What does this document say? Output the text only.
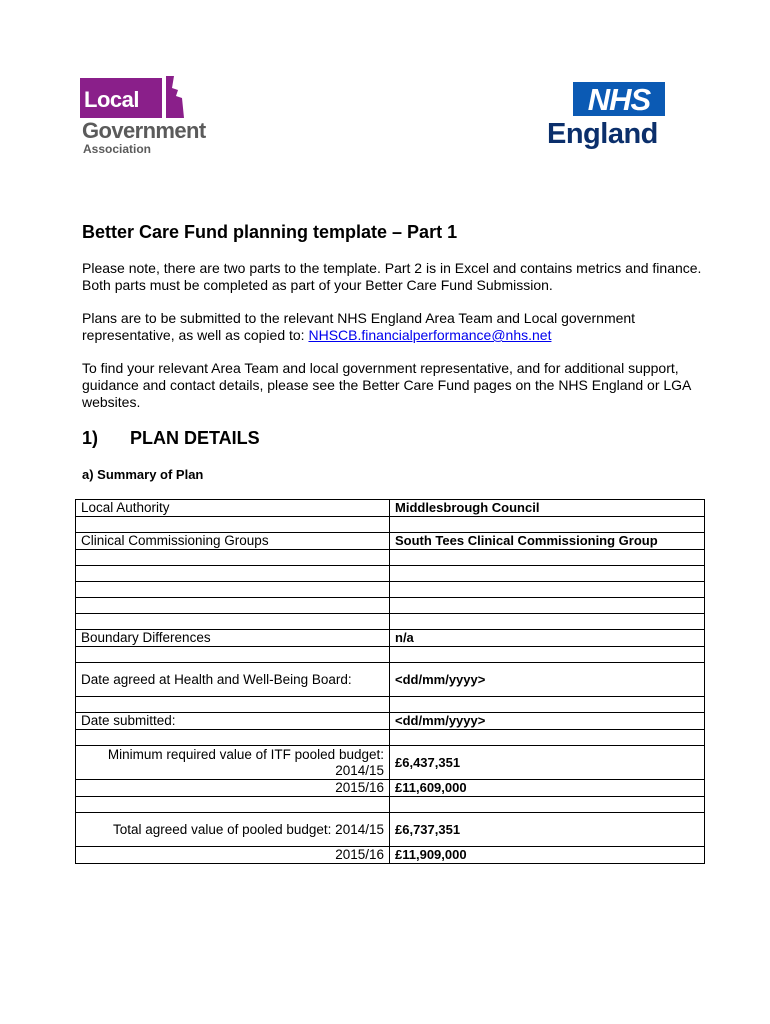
Local
Government
Association
NHS
England
Better Care Fund planning template – Part 1

Please note, there are two parts to the template. Part 2 is in Excel and contains metrics and finance. Both parts must be completed as part of your Better Care Fund Submission.

Plans are to be submitted to the relevant NHS England Area Team and Local government representative, as well as copied to: NHSCB.financialperformance@nhs.net

To find your relevant Area Team and local government representative, and for additional support, guidance and contact details, please see the Better Care Fund pages on the NHS England or LGA websites.

1) PLAN DETAILS
a) Summary of Plan
Local Authority	Middlesbrough Council

Clinical Commissioning Groups	South Tees Clinical Commissioning Group

Boundary Differences	n/a

Date agreed at Health and Well-Being Board:	<dd/mm/yyyy>

Date submitted:	<dd/mm/yyyy>

Minimum required value of ITF pooled budget: 2014/15	£6,437,351
2015/16	£11,609,000

Total agreed value of pooled budget: 2014/15	£6,737,351
2015/16	£11,909,000
